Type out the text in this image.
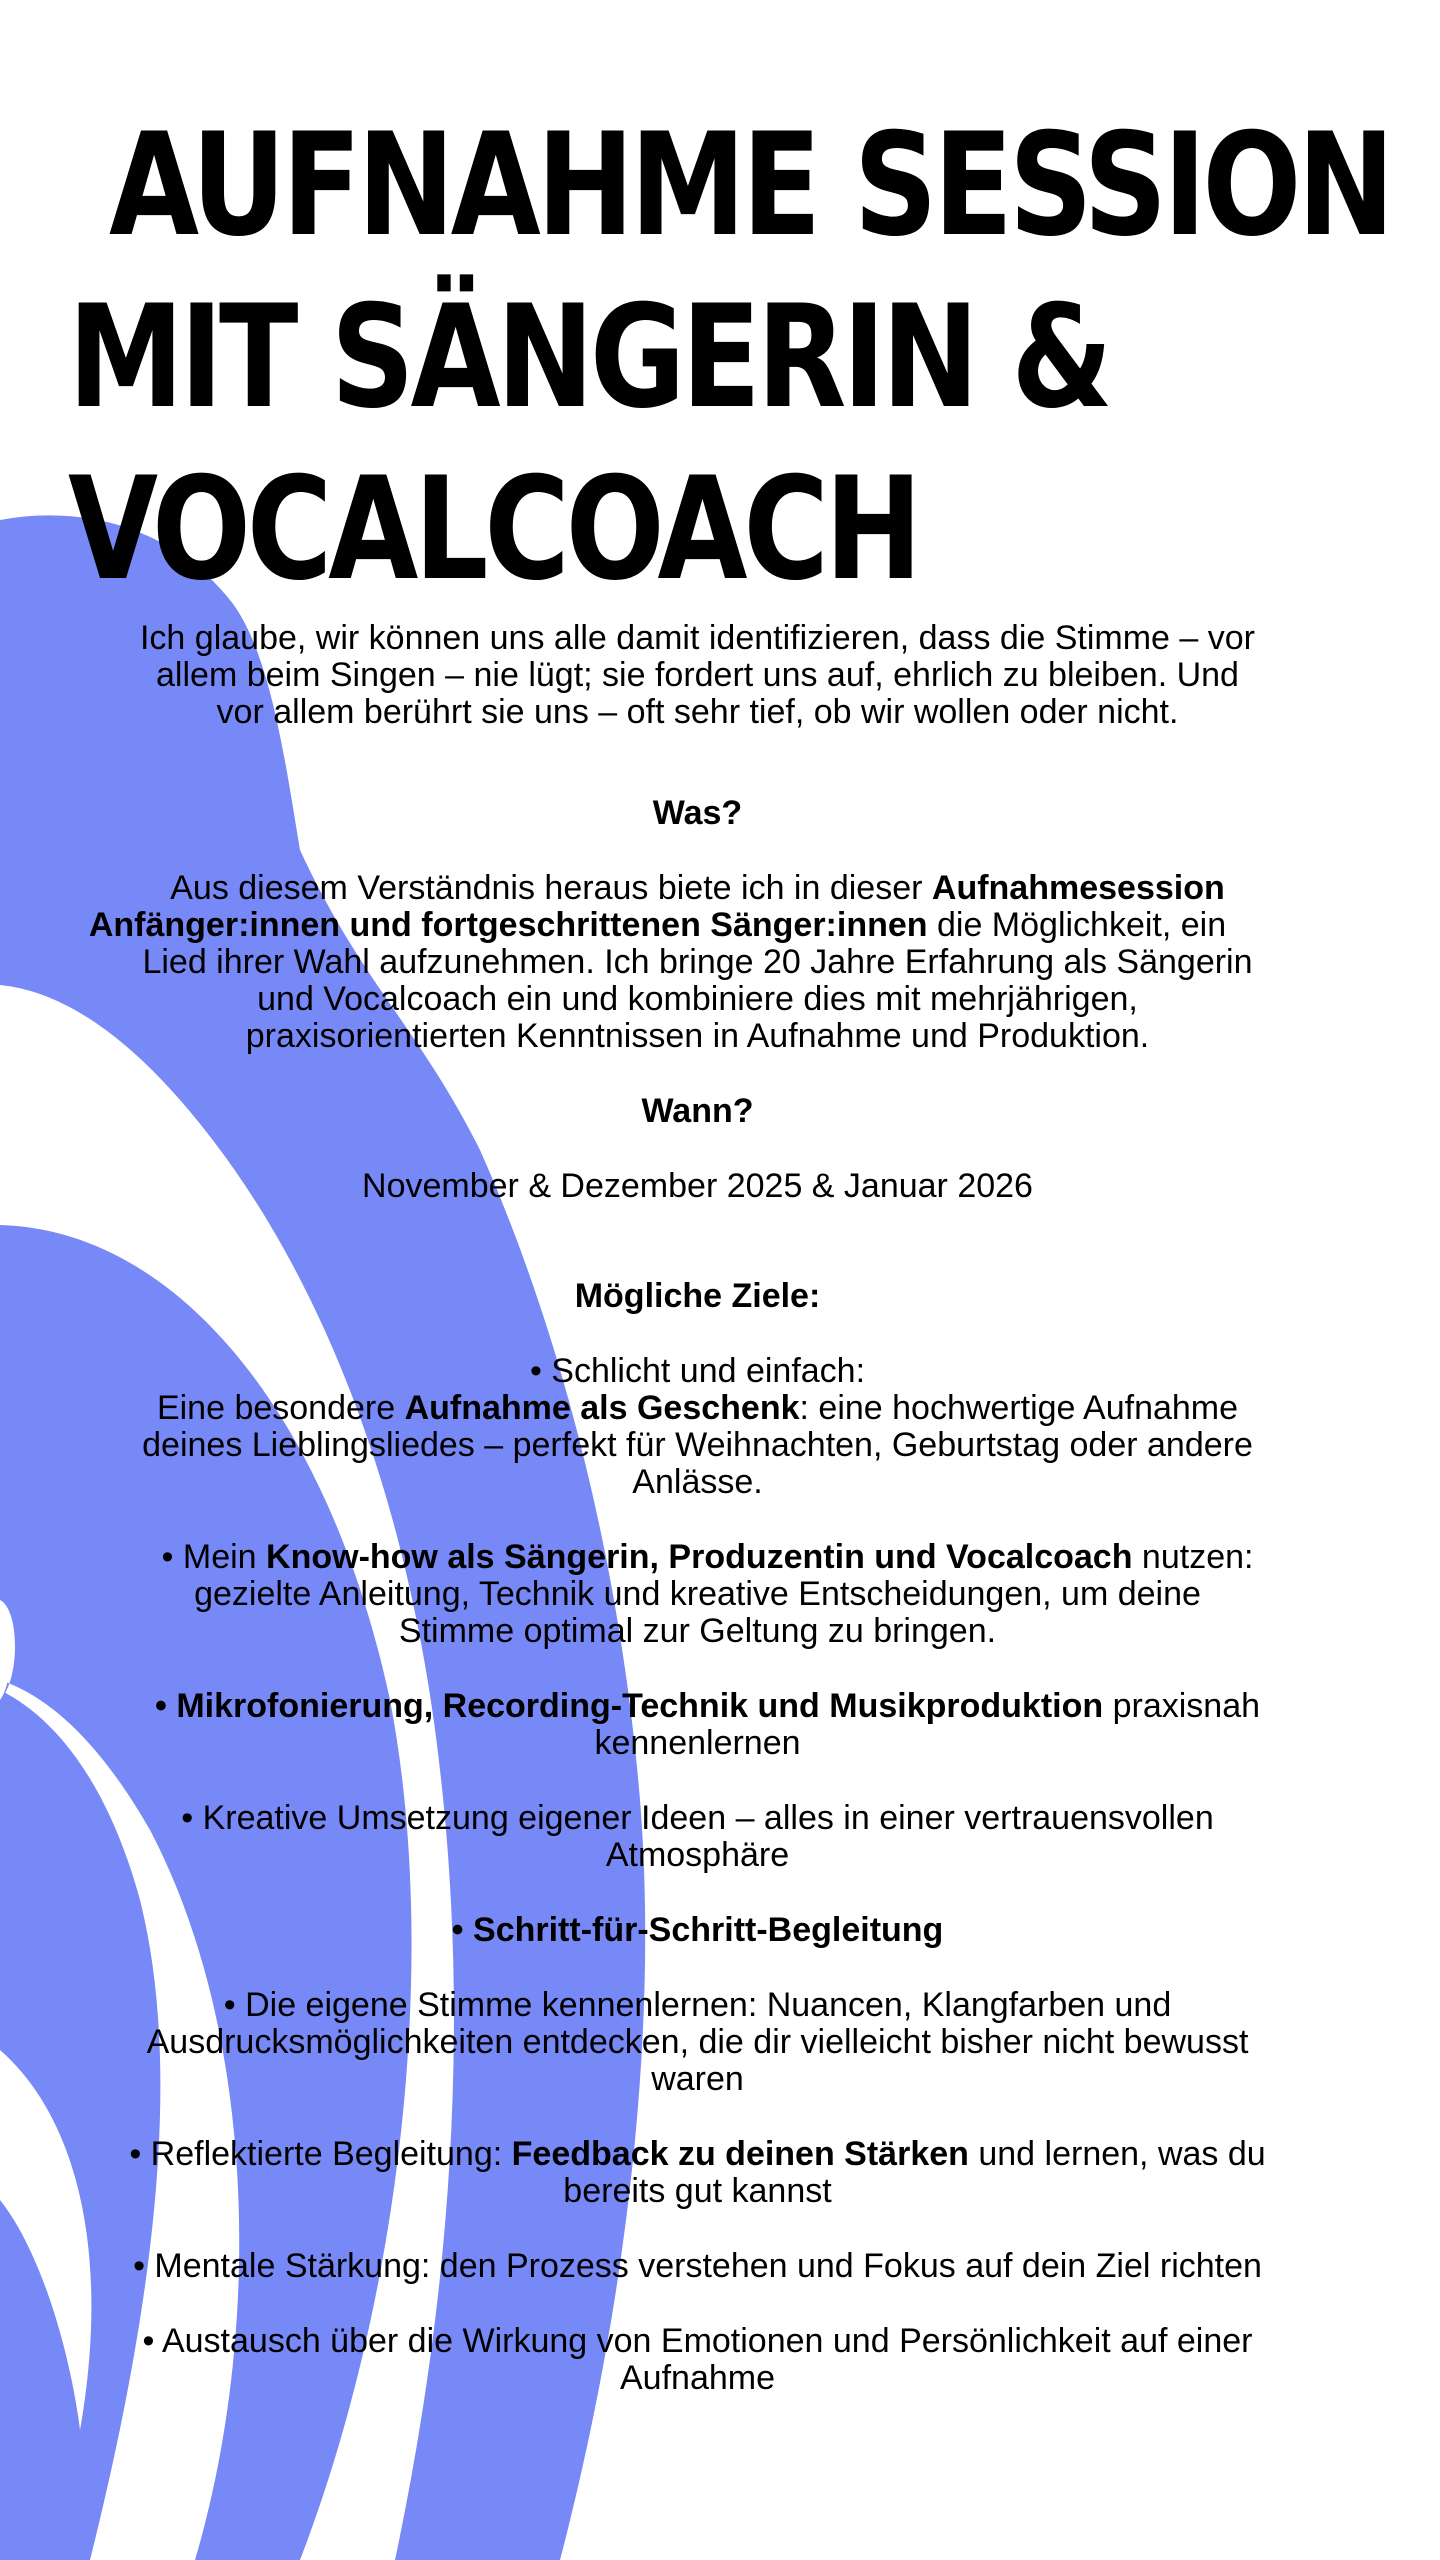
AUFNAHME SESSION
MIT SÄNGERIN &
VOCALCOACH

Ich glaube, wir können uns alle damit identifizieren, dass die Stimme – vor
allem beim Singen – nie lügt; sie fordert uns auf, ehrlich zu bleiben. Und
vor allem berührt sie uns – oft sehr tief, ob wir wollen oder nicht.

Was?

Aus diesem Verständnis heraus biete ich in dieser Aufnahmesession
Anfänger:innen und fortgeschrittenen Sänger:innen die Möglichkeit, ein
Lied ihrer Wahl aufzunehmen. Ich bringe 20 Jahre Erfahrung als Sängerin
und Vocalcoach ein und kombiniere dies mit mehrjährigen,
praxisorientierten Kenntnissen in Aufnahme und Produktion.

Wann?

November & Dezember 2025 & Januar 2026

Mögliche Ziele:

• Schlicht und einfach:
Eine besondere Aufnahme als Geschenk: eine hochwertige Aufnahme
deines Lieblingsliedes – perfekt für Weihnachten, Geburtstag oder andere
Anlässe.

• Mein Know-how als Sängerin, Produzentin und Vocalcoach nutzen:
gezielte Anleitung, Technik und kreative Entscheidungen, um deine
Stimme optimal zur Geltung zu bringen.

• Mikrofonierung, Recording-Technik und Musikproduktion praxisnah
kennenlernen

• Kreative Umsetzung eigener Ideen – alles in einer vertrauensvollen
Atmosphäre

• Schritt-für-Schritt-Begleitung

• Die eigene Stimme kennenlernen: Nuancen, Klangfarben und
Ausdrucksmöglichkeiten entdecken, die dir vielleicht bisher nicht bewusst
waren

• Reflektierte Begleitung: Feedback zu deinen Stärken und lernen, was du
bereits gut kannst

• Mentale Stärkung: den Prozess verstehen und Fokus auf dein Ziel richten

• Austausch über die Wirkung von Emotionen und Persönlichkeit auf einer
Aufnahme
